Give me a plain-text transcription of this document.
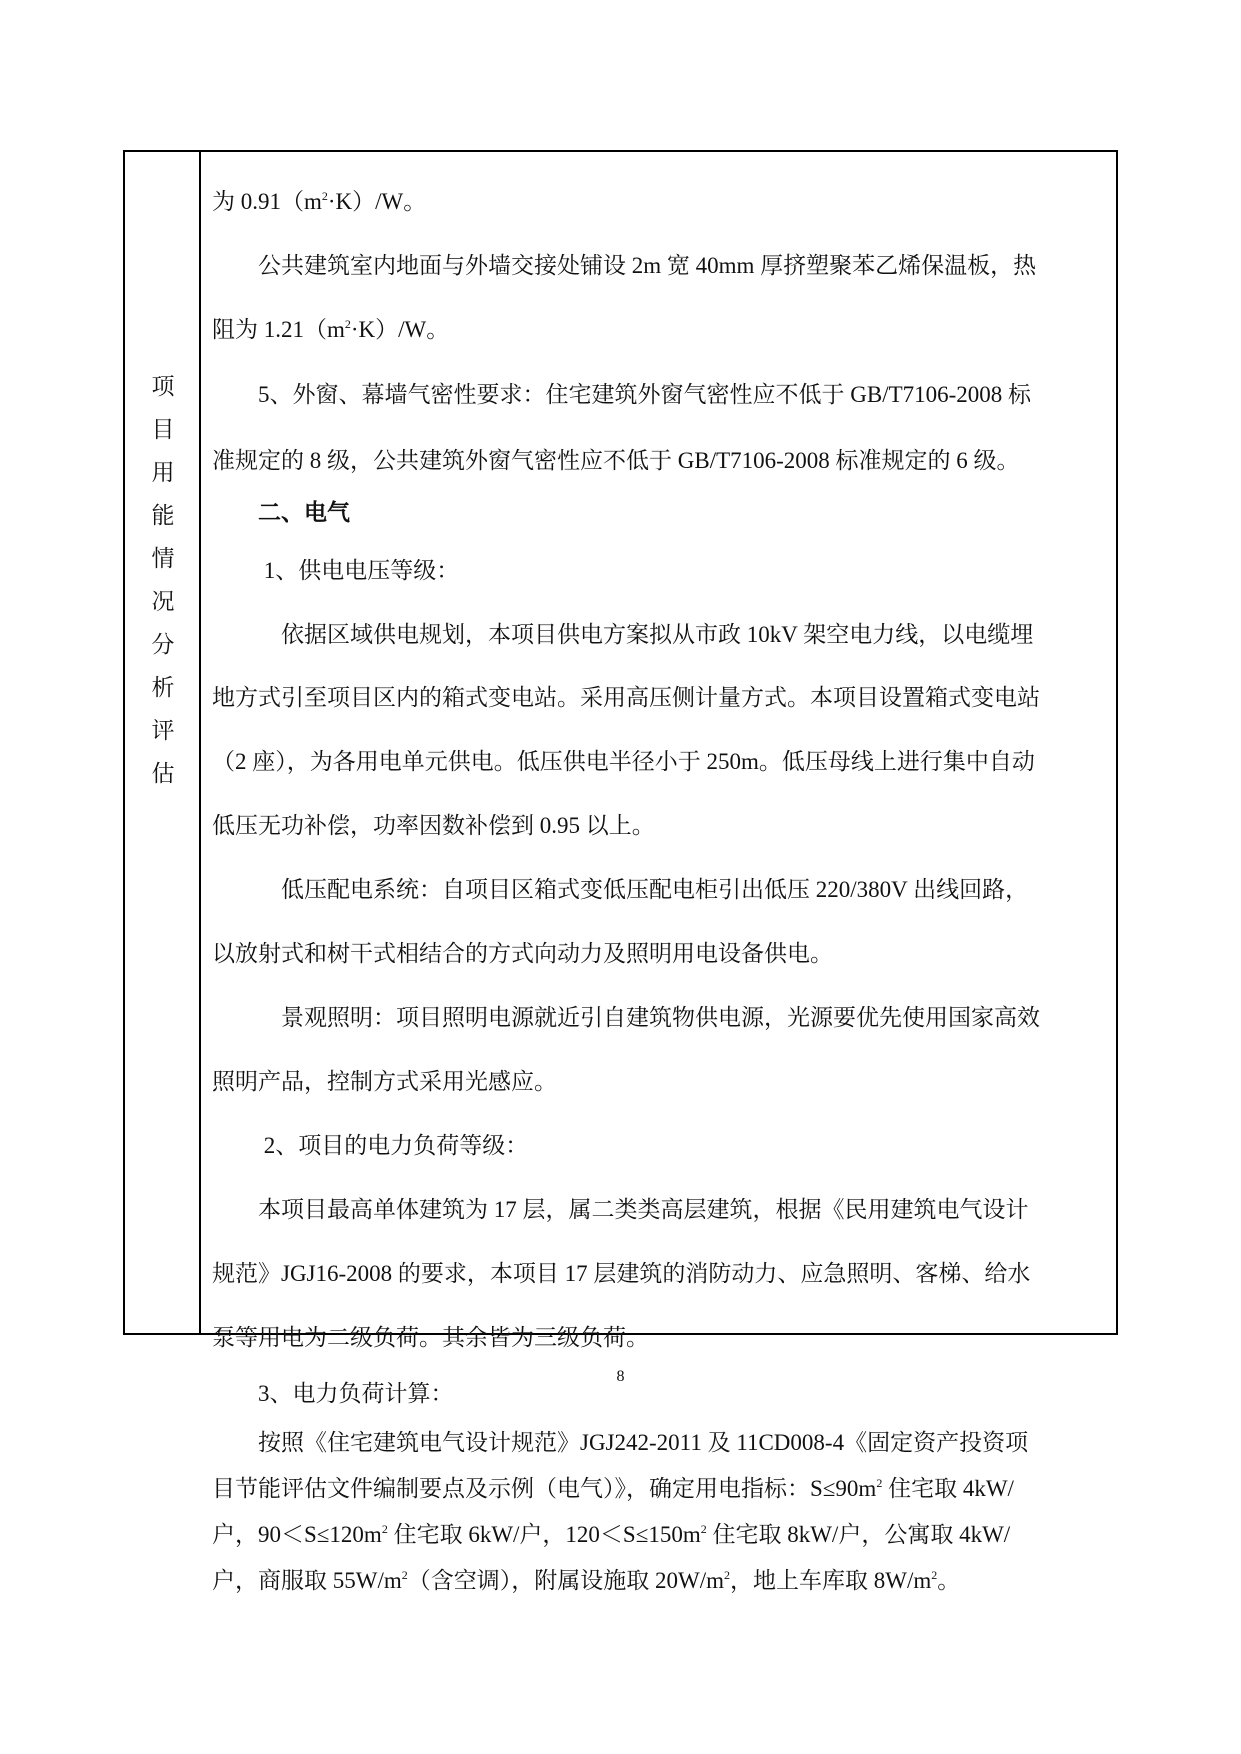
项
目
用
能
情
况
分
析
评
估
为 $0.91(m^2\cdot K)/W$。
　　公共建筑室内地面与外墙交接处铺设 2m 宽 40mm 厚挤塑聚苯乙烯保温板，热
阻为 $1.21(m^2\cdot K)/W$。
　　5、外窗、幕墙气密性要求：住宅建筑外窗气密性应不低于 GB/T7106-2008 标
准规定的 8 级，公共建筑外窗气密性应不低于 GB/T7106-2008 标准规定的 6 级。
　　二、电气
　　 1、供电电压等级：
　　　依据区域供电规划，本项目供电方案拟从市政 10kV 架空电力线，以电缆埋
地方式引至项目区内的箱式变电站。采用高压侧计量方式。本项目设置箱式变电站
（2 座），为各用电单元供电。低压供电半径小于 250m。低压母线上进行集中自动
低压无功补偿，功率因数补偿到 0.95 以上。
　　　低压配电系统：自项目区箱式变低压配电柜引出低压 220/380V 出线回路，
以放射式和树干式相结合的方式向动力及照明用电设备供电。
　　　景观照明：项目照明电源就近引自建筑物供电源，光源要优先使用国家高效
照明产品，控制方式采用光感应。
　　 2、项目的电力负荷等级：
　　本项目最高单体建筑为 17 层，属二类类高层建筑，根据《民用建筑电气设计
规范》JGJ16-2008 的要求，本项目 17 层建筑的消防动力、应急照明、客梯、给水
泵等用电为二级负荷。其余皆为三级负荷。
　　3、电力负荷计算：
　　按照《住宅建筑电气设计规范》JGJ242-2011 及 11CD008-4《固定资产投资项
目节能评估文件编制要点及示例（电气）》，确定用电指标：$S\le 90m^2$ 住宅取 4kW/
户，$90<S\le 120m^2$ 住宅取 6kW/户，$120<S\le 150m^2$ 住宅取 8kW/户，公寓取 4kW/
户，商服取 $55W/m^2$（含空调），附属设施取 $20W/m^2$，地上车库取 $8W/m^2$。
8
